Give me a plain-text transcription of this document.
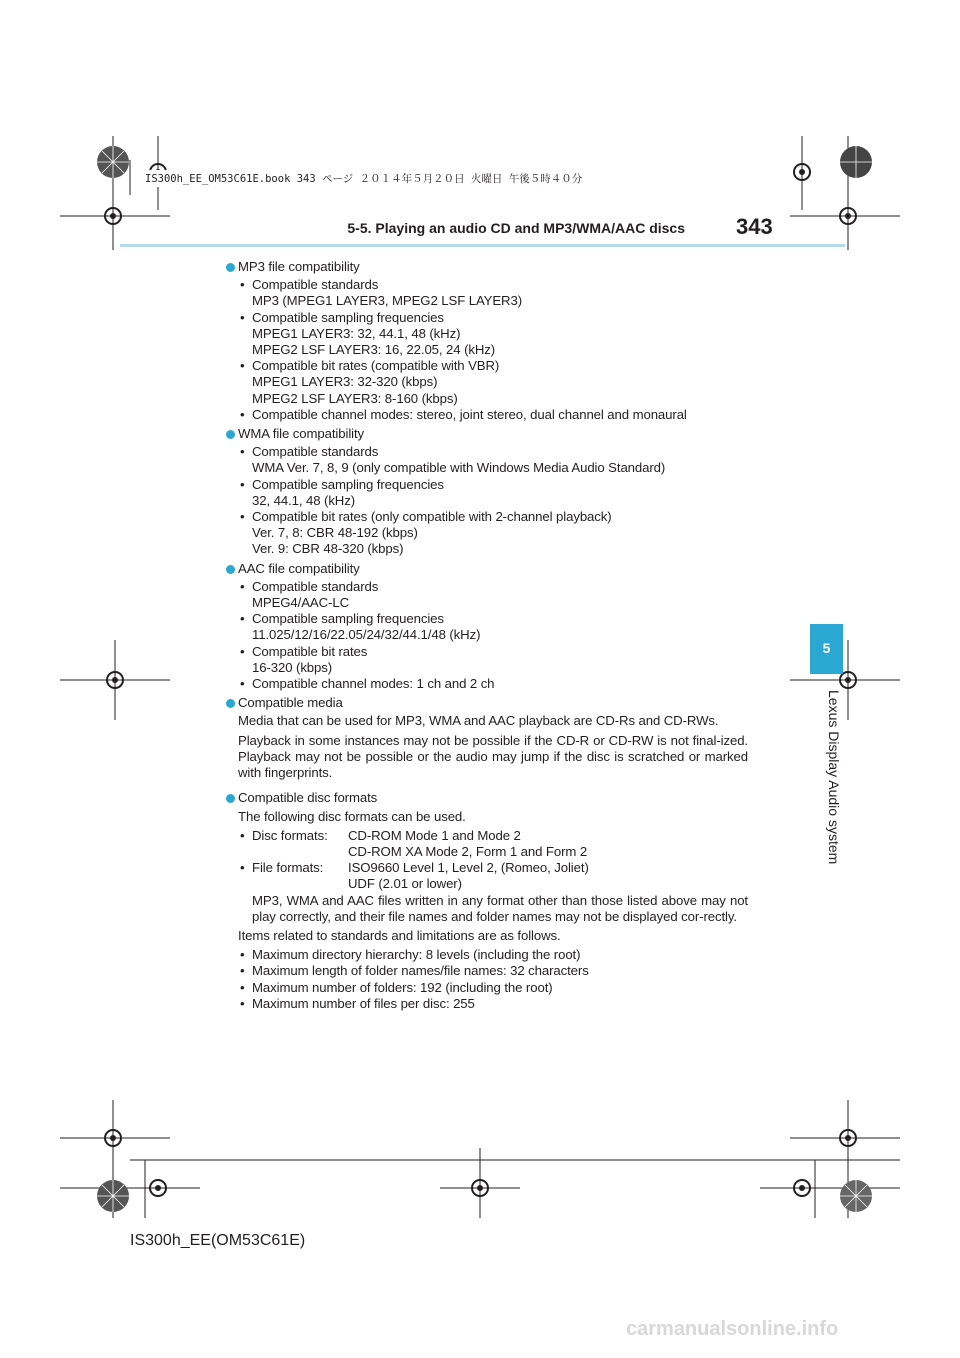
IS300h_EE_OM53C61E.book 343 ページ ２０１４年５月２０日 火曜日 午後５時４０分
5-5. Playing an audio CD and MP3/WMA/AAC discs 343
5
Lexus Display Audio system
MP3 file compatibility
• Compatible standards
MP3 (MPEG1 LAYER3, MPEG2 LSF LAYER3)
• Compatible sampling frequencies
MPEG1 LAYER3: 32, 44.1, 48 (kHz)
MPEG2 LSF LAYER3: 16, 22.05, 24 (kHz)
• Compatible bit rates (compatible with VBR)
MPEG1 LAYER3: 32-320 (kbps)
MPEG2 LSF LAYER3: 8-160 (kbps)
• Compatible channel modes: stereo, joint stereo, dual channel and monaural
WMA file compatibility
• Compatible standards
WMA Ver. 7, 8, 9 (only compatible with Windows Media Audio Standard)
• Compatible sampling frequencies
32, 44.1, 48 (kHz)
• Compatible bit rates (only compatible with 2-channel playback)
Ver. 7, 8: CBR 48-192 (kbps)
Ver. 9: CBR 48-320 (kbps)
AAC file compatibility
• Compatible standards
MPEG4/AAC-LC
• Compatible sampling frequencies
11.025/12/16/22.05/24/32/44.1/48 (kHz)
• Compatible bit rates
16-320 (kbps)
• Compatible channel modes: 1 ch and 2 ch
Compatible media
Media that can be used for MP3, WMA and AAC playback are CD-Rs and CD-RWs.
Playback in some instances may not be possible if the CD-R or CD-RW is not final-ized. Playback may not be possible or the audio may jump if the disc is scratched or marked with fingerprints.
Compatible disc formats
The following disc formats can be used.
• Disc formats: CD-ROM Mode 1 and Mode 2
CD-ROM XA Mode 2, Form 1 and Form 2
• File formats: ISO9660 Level 1, Level 2, (Romeo, Joliet)
UDF (2.01 or lower)
MP3, WMA and AAC files written in any format other than those listed above may not play correctly, and their file names and folder names may not be displayed cor-rectly.
Items related to standards and limitations are as follows.
• Maximum directory hierarchy: 8 levels (including the root)
• Maximum length of folder names/file names: 32 characters
• Maximum number of folders: 192 (including the root)
• Maximum number of files per disc: 255
IS300h_EE(OM53C61E)
carmanualsonline.info
